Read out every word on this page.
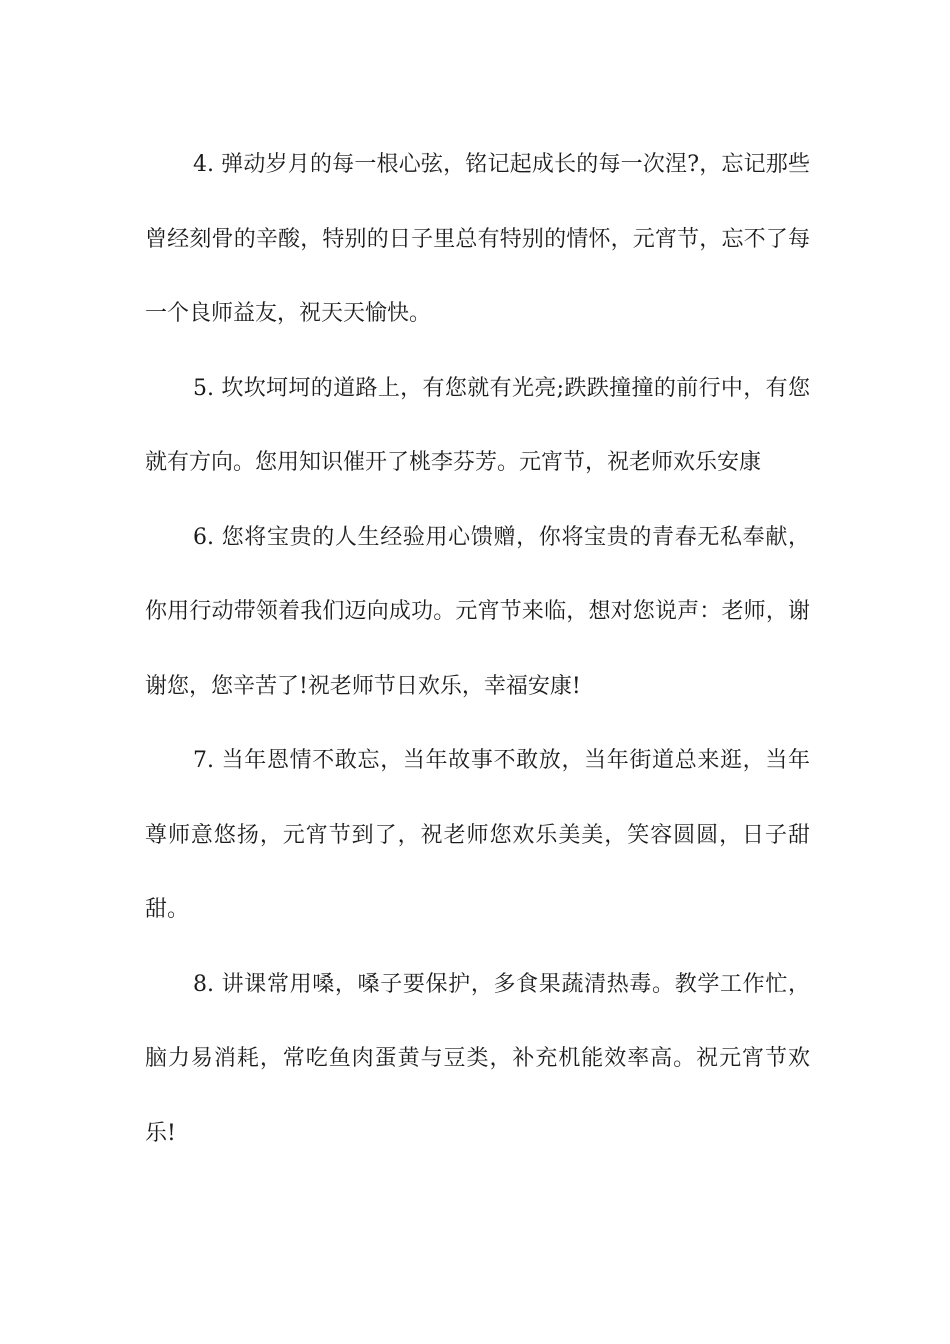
4. 弹动岁月的每一根心弦，铭记起成长的每一次涅?，忘记那些曾经刻骨的辛酸，特别的日子里总有特别的情怀，元宵节，忘不了每一个良师益友，祝天天愉快。

5. 坎坎坷坷的道路上，有您就有光亮;跌跌撞撞的前行中，有您就有方向。您用知识催开了桃李芬芳。元宵节，祝老师欢乐安康

6. 您将宝贵的人生经验用心馈赠，你将宝贵的青春无私奉献，你用行动带领着我们迈向成功。元宵节来临，想对您说声：老师，谢谢您，您辛苦了!祝老师节日欢乐，幸福安康!

7. 当年恩情不敢忘，当年故事不敢放，当年街道总来逛，当年尊师意悠扬，元宵节到了，祝老师您欢乐美美，笑容圆圆，日子甜甜。

8. 讲课常用嗓，嗓子要保护，多食果蔬清热毒。教学工作忙，脑力易消耗，常吃鱼肉蛋黄与豆类，补充机能效率高。祝元宵节欢乐!
